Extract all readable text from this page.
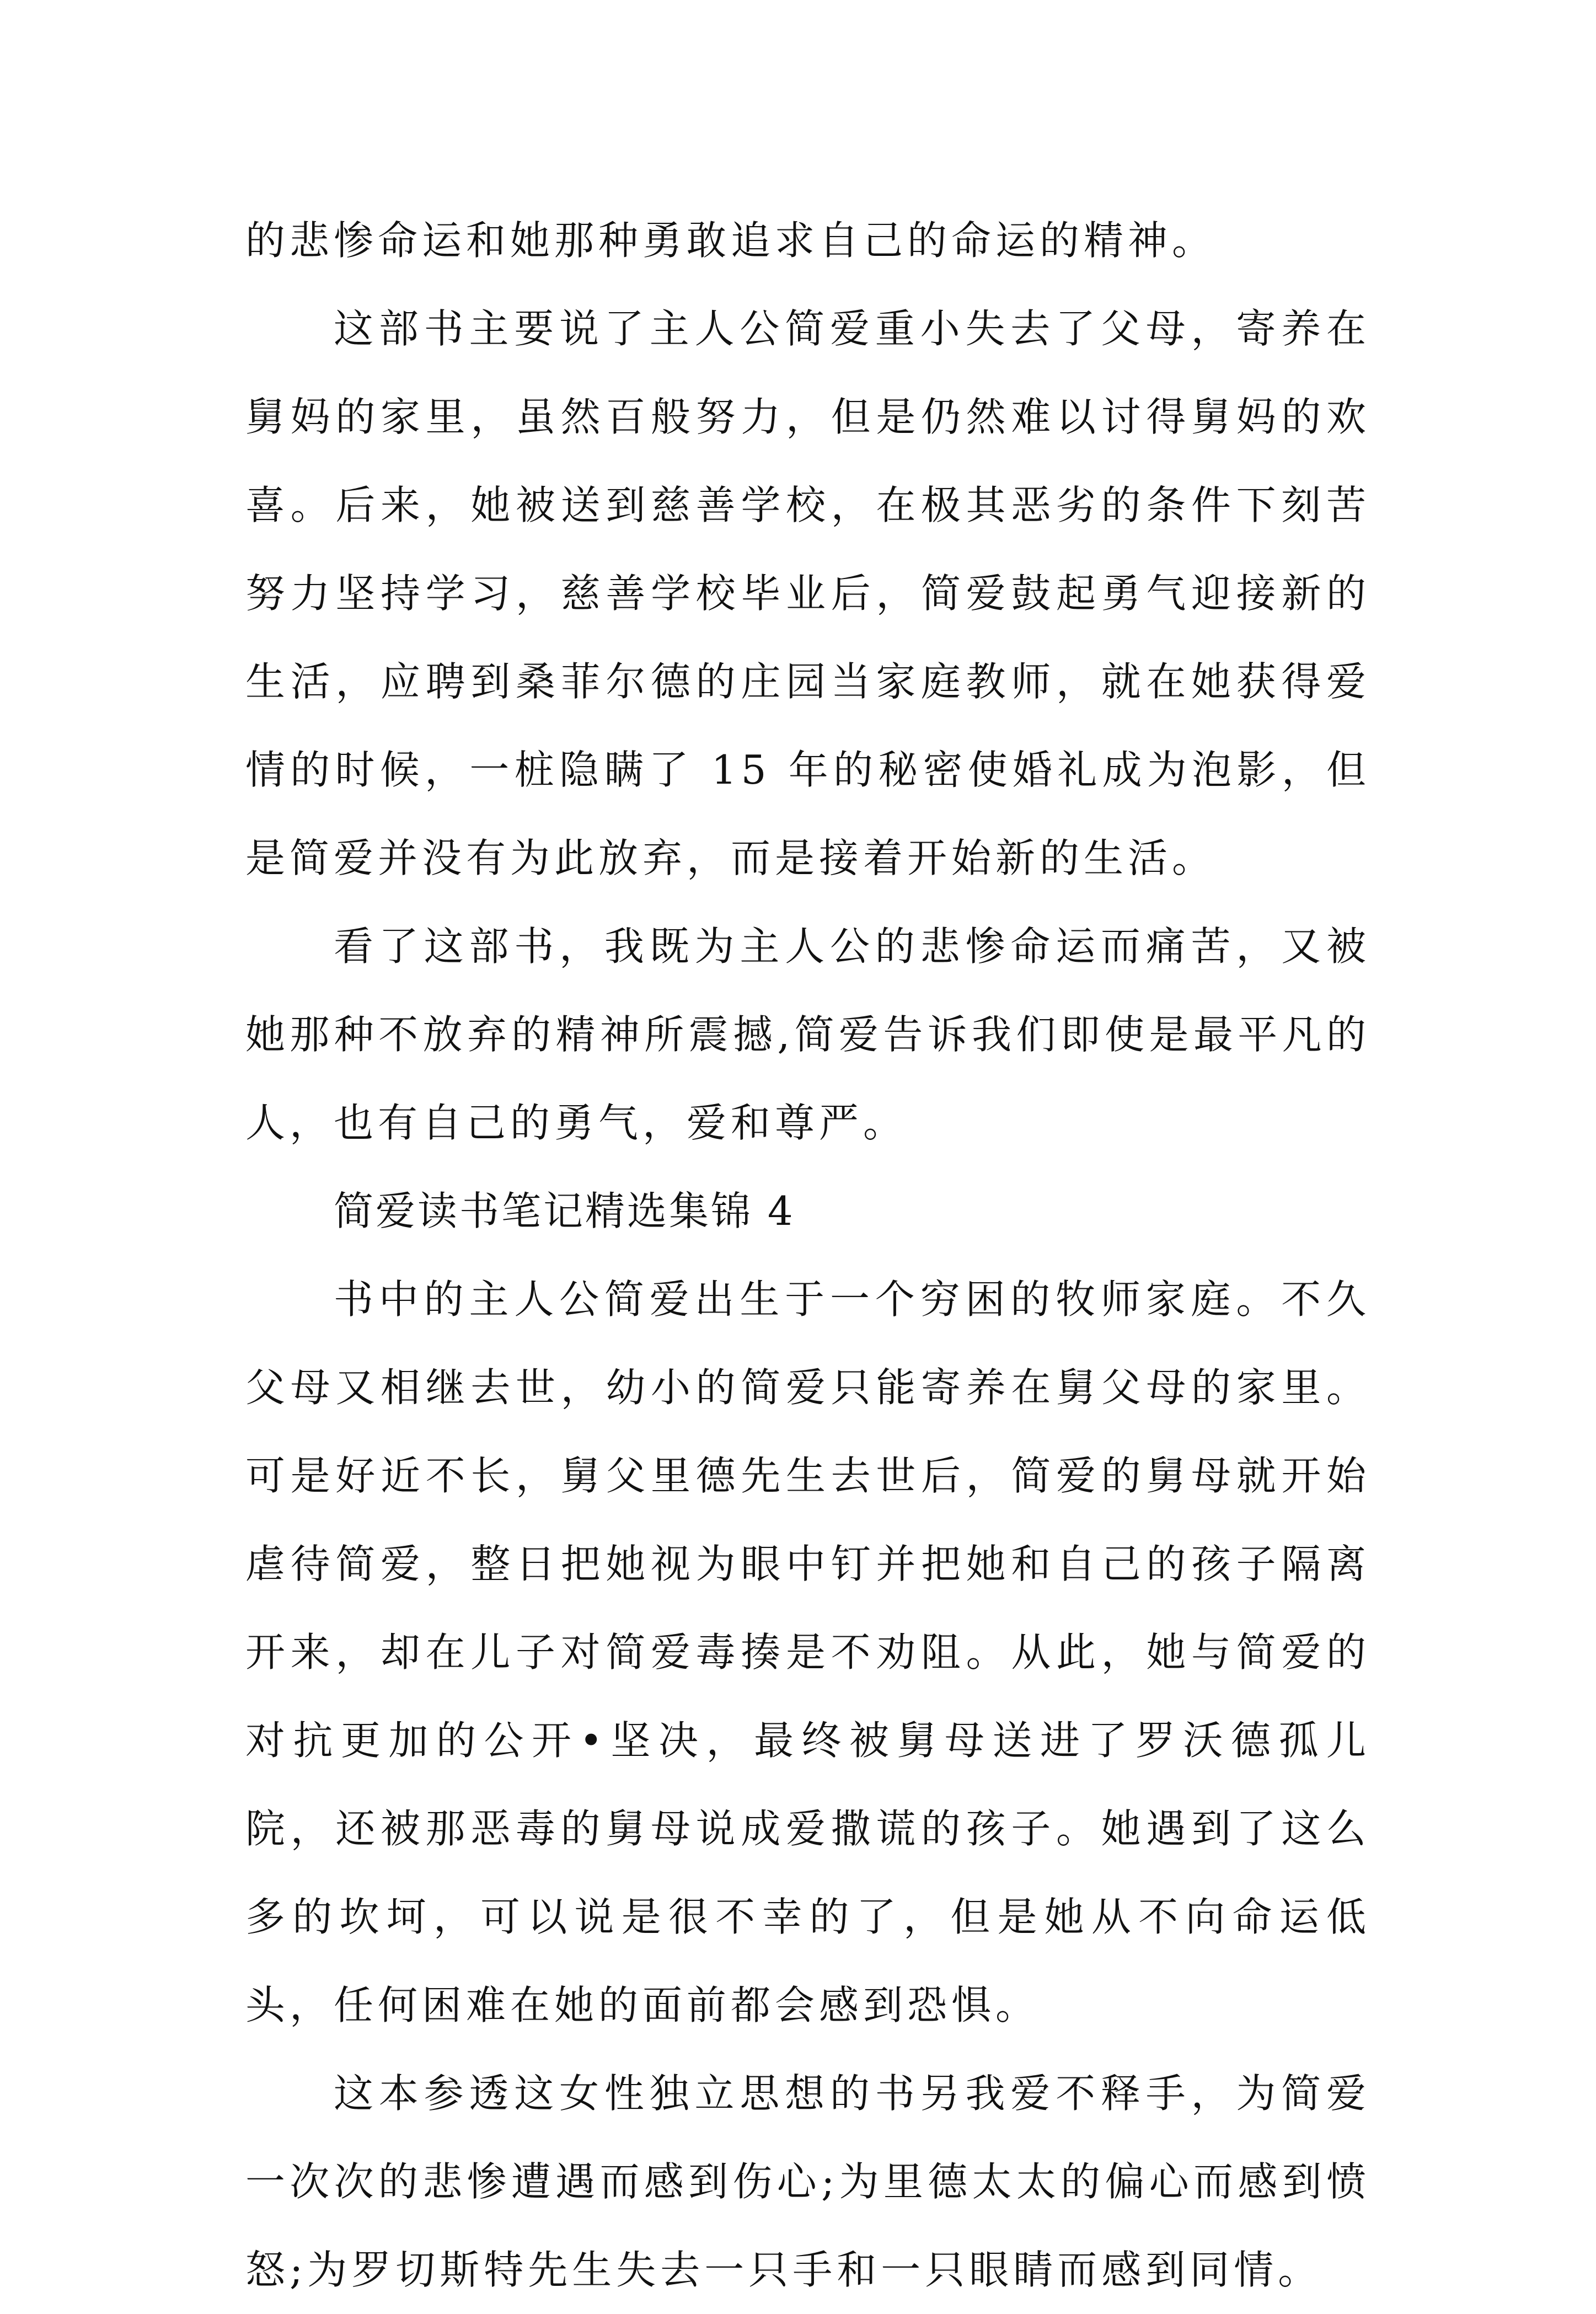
的悲惨命运和她那种勇敢追求自己的命运的精神。

这部书主要说了主人公简爱重小失去了父母，寄养在舅妈的家里，虽然百般努力，但是仍然难以讨得舅妈的欢喜。后来，她被送到慈善学校，在极其恶劣的条件下刻苦努力坚持学习，慈善学校毕业后，简爱鼓起勇气迎接新的生活，应聘到桑菲尔德的庄园当家庭教师，就在她获得爱情的时候，一桩隐瞒了 15 年的秘密使婚礼成为泡影，但是简爱并没有为此放弃，而是接着开始新的生活。

看了这部书，我既为主人公的悲惨命运而痛苦，又被她那种不放弃的精神所震撼,简爱告诉我们即使是最平凡的人，也有自己的勇气，爱和尊严。

简爱读书笔记精选集锦 4

书中的主人公简爱出生于一个穷困的牧师家庭。不久父母又相继去世，幼小的简爱只能寄养在舅父母的家里。可是好近不长，舅父里德先生去世后，简爱的舅母就开始虐待简爱，整日把她视为眼中钉并把她和自己的孩子隔离开来，却在儿子对简爱毒揍是不劝阻。从此，她与简爱的对抗更加的公开•坚决，最终被舅母送进了罗沃德孤儿院，还被那恶毒的舅母说成爱撒谎的孩子。她遇到了这么多的坎坷，可以说是很不幸的了，但是她从不向命运低头，任何困难在她的面前都会感到恐惧。

这本参透这女性独立思想的书另我爱不释手，为简爱一次次的悲惨遭遇而感到伤心;为里德太太的偏心而感到愤怒;为罗切斯特先生失去一只手和一只眼睛而感到同情。
